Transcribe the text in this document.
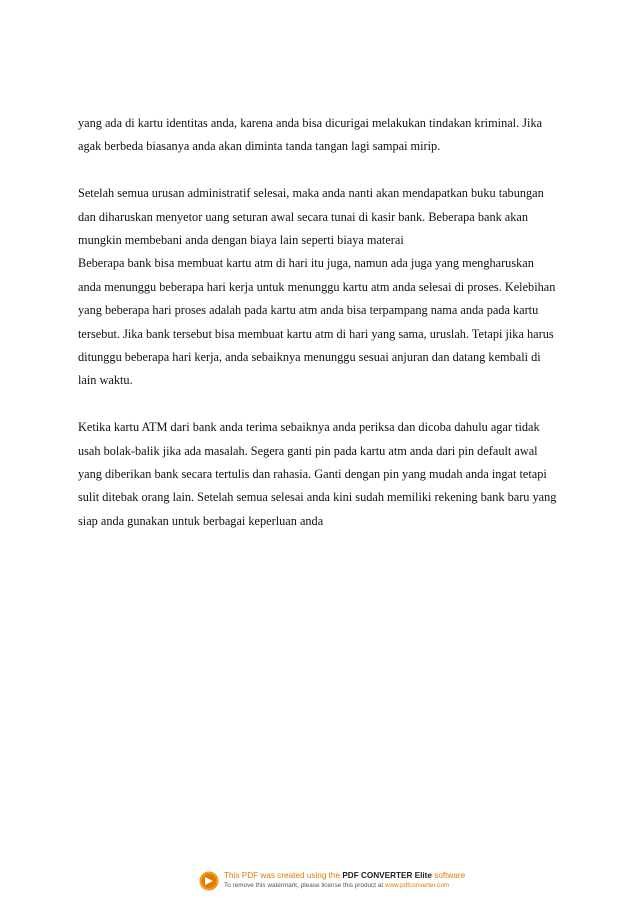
yang ada di kartu identitas anda, karena anda bisa dicurigai melakukan tindakan kriminal. Jika
agak berbeda biasanya anda akan diminta tanda tangan lagi sampai mirip.
Setelah semua urusan administratif selesai, maka anda nanti akan mendapatkan buku tabungan
dan diharuskan menyetor uang seturan awal secara tunai di kasir bank. Beberapa bank akan
mungkin membebani anda dengan biaya lain seperti biaya materai
Beberapa bank bisa membuat kartu atm di hari itu juga, namun ada juga yang mengharuskan
anda menunggu beberapa hari kerja untuk menunggu kartu atm anda selesai di proses. Kelebihan
yang beberapa hari proses adalah pada kartu atm anda bisa terpampang nama anda pada kartu
tersebut. Jika bank tersebut bisa membuat kartu atm di hari yang sama, uruslah. Tetapi jika harus
ditunggu beberapa hari kerja, anda sebaiknya menunggu sesuai anjuran dan datang kembali di
lain waktu.
Ketika kartu ATM dari bank anda terima sebaiknya anda periksa dan dicoba dahulu agar tidak
usah bolak-balik jika ada masalah. Segera ganti pin pada kartu atm anda dari pin default awal
yang diberikan bank secara tertulis dan rahasia. Ganti dengan pin yang mudah anda ingat tetapi
sulit ditebak orang lain. Setelah semua selesai anda kini sudah memiliki rekening bank baru yang
siap anda gunakan untuk berbagai keperluan anda
This PDF was created using the PDF CONVERTER Elite software
To remove this watermark, please license this product at www.pdfconverter.com
